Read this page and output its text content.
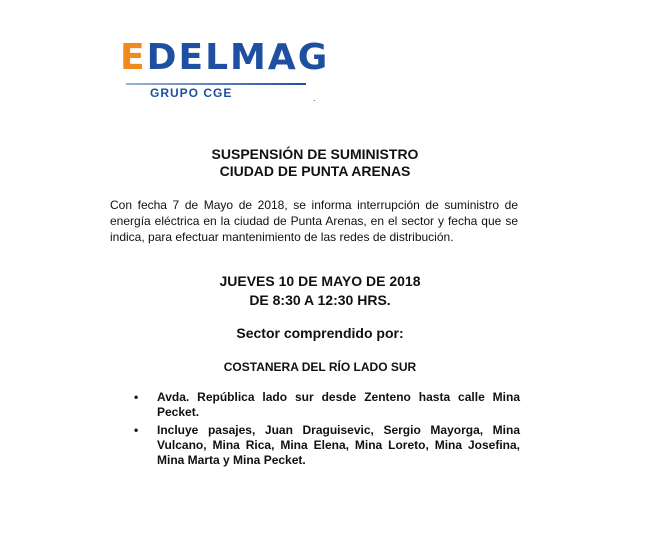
EDELMAG
GRUPO CGE	.
SUSPENSIÓN DE SUMINISTRO
CIUDAD DE PUNTA ARENAS
Con fecha 7 de Mayo de 2018, se informa interrupción de suministro de energía eléctrica en la ciudad de Punta Arenas, en el sector y fecha que se indica, para efectuar mantenimiento de las redes de distribución.
JUEVES 10 DE MAYO DE 2018
DE 8:30 A 12:30 HRS.
Sector comprendido por:
COSTANERA DEL RÍO LADO SUR
• Avda. República lado sur desde Zenteno hasta calle Mina Pecket.
• Incluye pasajes, Juan Draguisevic, Sergio Mayorga, Mina Vulcano, Mina Rica, Mina Elena, Mina Loreto, Mina Josefina, Mina Marta y Mina Pecket.
